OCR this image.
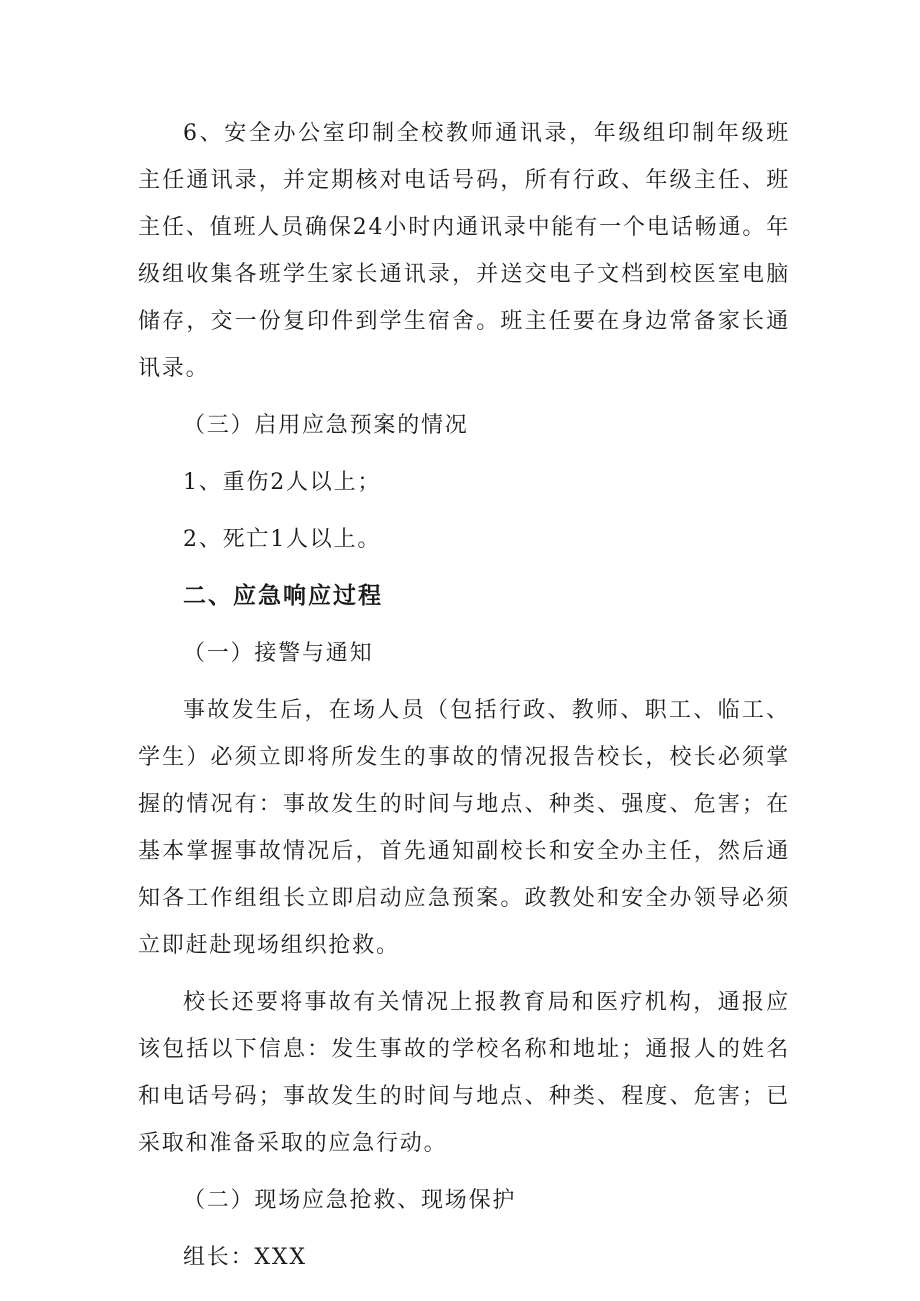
6、安全办公室印制全校教师通讯录，年级组印制年级班主任通讯录，并定期核对电话号码，所有行政、年级主任、班主任、值班人员确保24小时内通讯录中能有一个电话畅通。年级组收集各班学生家长通讯录，并送交电子文档到校医室电脑储存，交一份复印件到学生宿舍。班主任要在身边常备家长通讯录。

（三）启用应急预案的情况

1、重伤2人以上；

2、死亡1人以上。

二、应急响应过程

（一）接警与通知

事故发生后，在场人员（包括行政、教师、职工、临工、学生）必须立即将所发生的事故的情况报告校长，校长必须掌握的情况有：事故发生的时间与地点、种类、强度、危害；在基本掌握事故情况后，首先通知副校长和安全办主任，然后通知各工作组组长立即启动应急预案。政教处和安全办领导必须立即赶赴现场组织抢救。

校长还要将事故有关情况上报教育局和医疗机构，通报应该包括以下信息：发生事故的学校名称和地址；通报人的姓名和电话号码；事故发生的时间与地点、种类、程度、危害；已采取和准备采取的应急行动。

（二）现场应急抢救、现场保护

组长：XXX
